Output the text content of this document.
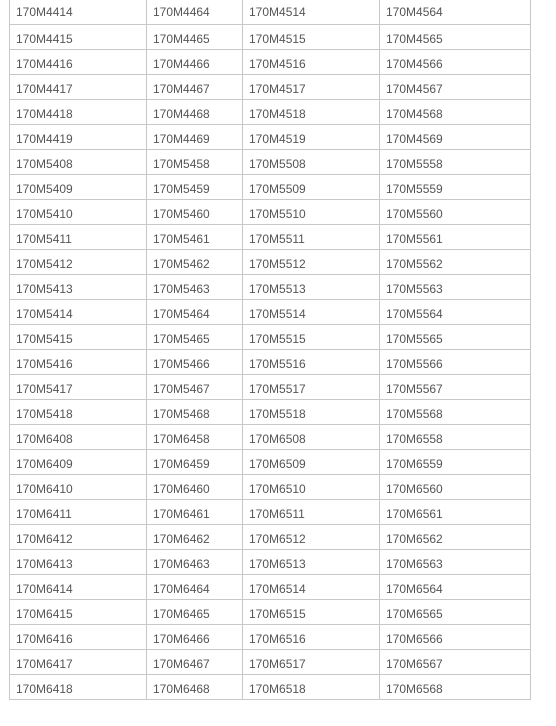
170M4414	170M4464	170M4514	170M4564
170M4415	170M4465	170M4515	170M4565
170M4416	170M4466	170M4516	170M4566
170M4417	170M4467	170M4517	170M4567
170M4418	170M4468	170M4518	170M4568
170M4419	170M4469	170M4519	170M4569
170M5408	170M5458	170M5508	170M5558
170M5409	170M5459	170M5509	170M5559
170M5410	170M5460	170M5510	170M5560
170M5411	170M5461	170M5511	170M5561
170M5412	170M5462	170M5512	170M5562
170M5413	170M5463	170M5513	170M5563
170M5414	170M5464	170M5514	170M5564
170M5415	170M5465	170M5515	170M5565
170M5416	170M5466	170M5516	170M5566
170M5417	170M5467	170M5517	170M5567
170M5418	170M5468	170M5518	170M5568
170M6408	170M6458	170M6508	170M6558
170M6409	170M6459	170M6509	170M6559
170M6410	170M6460	170M6510	170M6560
170M6411	170M6461	170M6511	170M6561
170M6412	170M6462	170M6512	170M6562
170M6413	170M6463	170M6513	170M6563
170M6414	170M6464	170M6514	170M6564
170M6415	170M6465	170M6515	170M6565
170M6416	170M6466	170M6516	170M6566
170M6417	170M6467	170M6517	170M6567
170M6418	170M6468	170M6518	170M6568
